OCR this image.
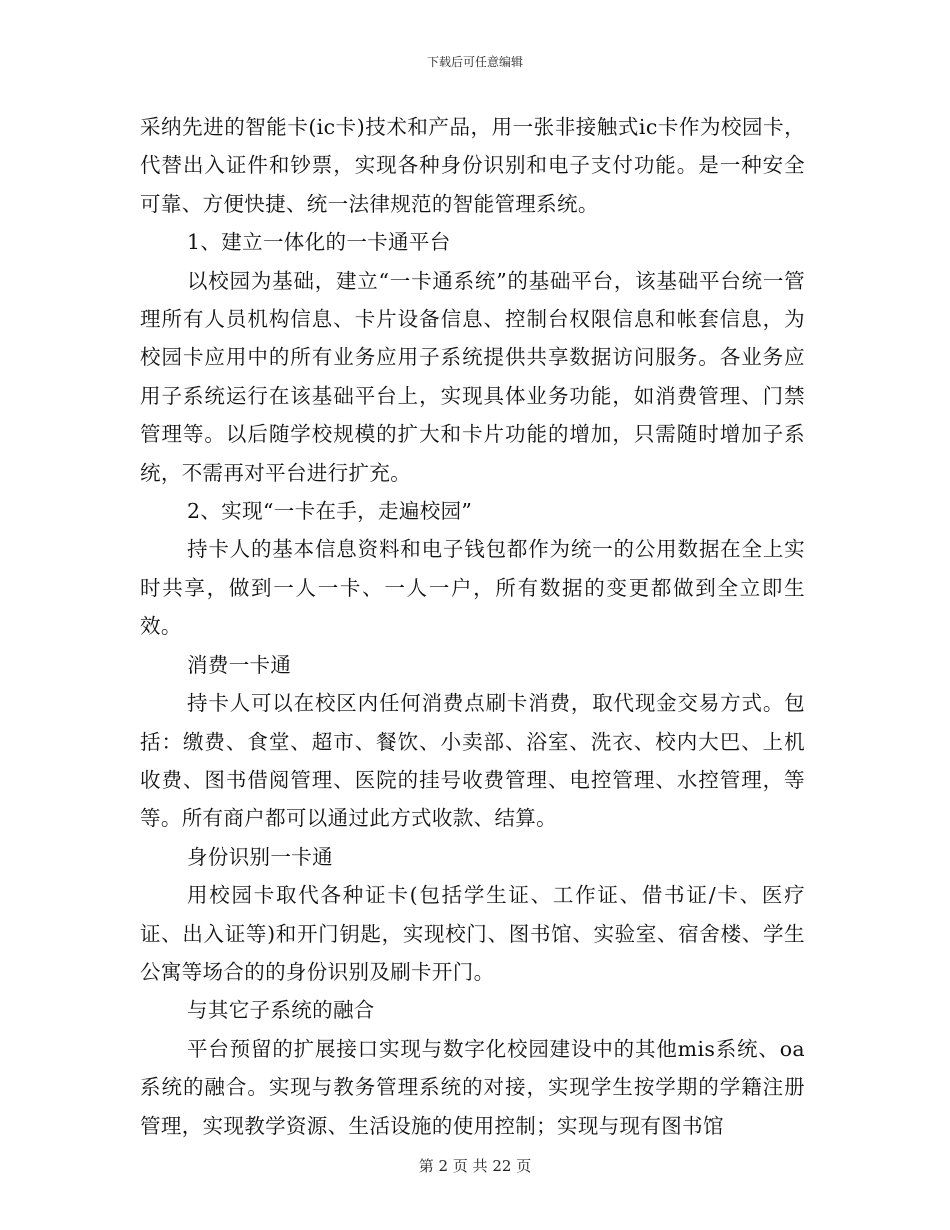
下载后可任意编辑

采纳先进的智能卡(ic卡)技术和产品，用一张非接触式ic卡作为校园卡，代替出入证件和钞票，实现各种身份识别和电子支付功能。是一种安全可靠、方便快捷、统一法律规范的智能管理系统。

1、建立一体化的一卡通平台

以校园为基础，建立“一卡通系统”的基础平台，该基础平台统一管理所有人员机构信息、卡片设备信息、控制台权限信息和帐套信息，为校园卡应用中的所有业务应用子系统提供共享数据访问服务。各业务应用子系统运行在该基础平台上，实现具体业务功能，如消费管理、门禁管理等。以后随学校规模的扩大和卡片功能的增加，只需随时增加子系统，不需再对平台进行扩充。

2、实现“一卡在手，走遍校园”

持卡人的基本信息资料和电子钱包都作为统一的公用数据在全上实时共享，做到一人一卡、一人一户，所有数据的变更都做到全立即生效。

消费一卡通

持卡人可以在校区内任何消费点刷卡消费，取代现金交易方式。包括：缴费、食堂、超市、餐饮、小卖部、浴室、洗衣、校内大巴、上机收费、图书借阅管理、医院的挂号收费管理、电控管理、水控管理，等等。所有商户都可以通过此方式收款、结算。

身份识别一卡通

用校园卡取代各种证卡(包括学生证、工作证、借书证/卡、医疗证、出入证等)和开门钥匙，实现校门、图书馆、实验室、宿舍楼、学生公寓等场合的的身份识别及刷卡开门。

与其它子系统的融合

平台预留的扩展接口实现与数字化校园建设中的其他mis系统、oa系统的融合。实现与教务管理系统的对接，实现学生按学期的学籍注册管理，实现教学资源、生活设施的使用控制；实现与现有图书馆

第 2 页 共 22 页
